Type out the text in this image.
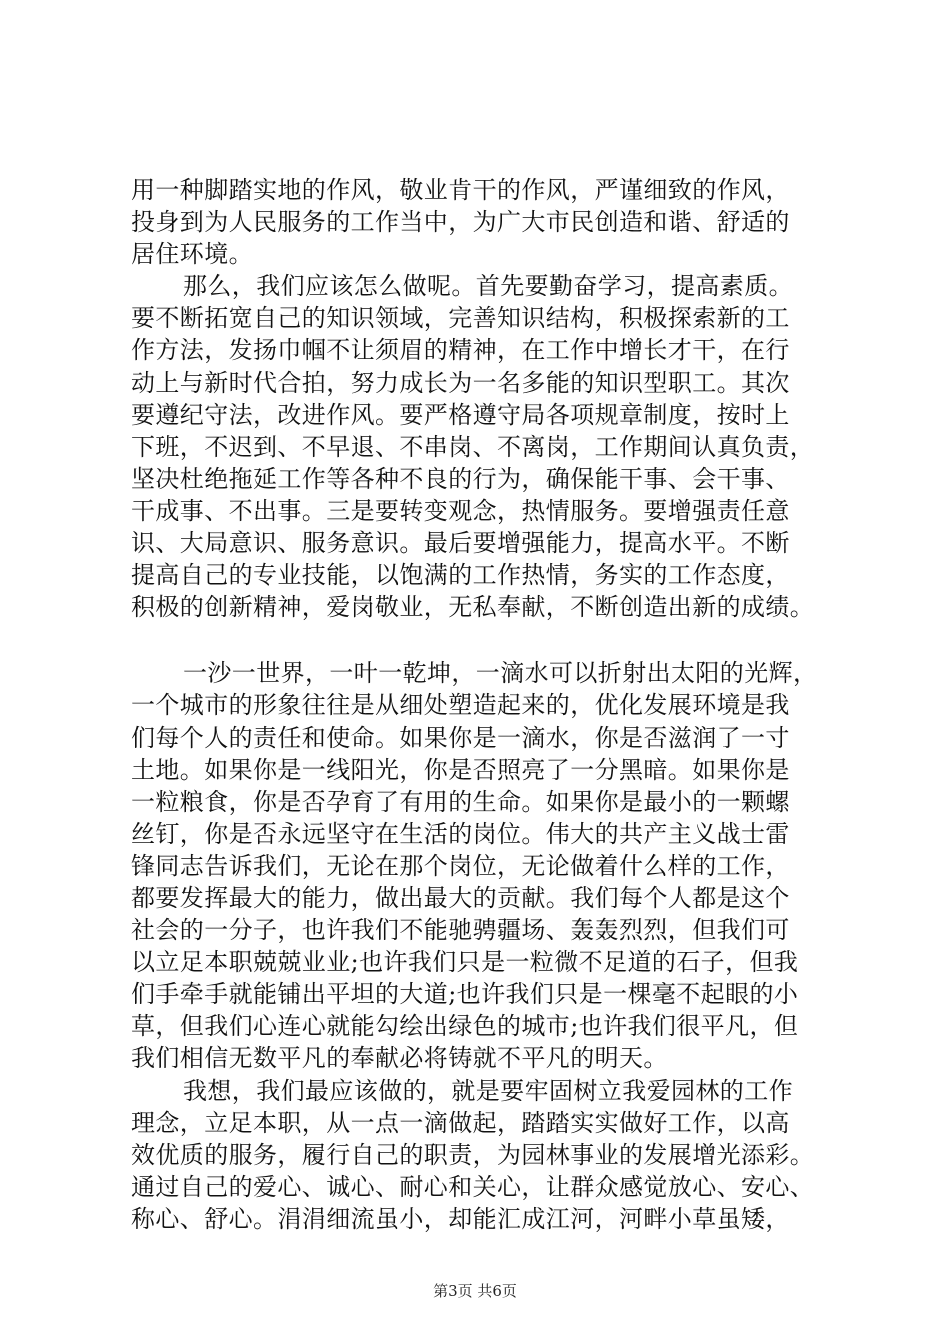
用一种脚踏实地的作风，敬业肯干的作风，严谨细致的作风，
投身到为人民服务的工作当中，为广大市民创造和谐、舒适的
居住环境。
那么，我们应该怎么做呢。首先要勤奋学习，提高素质。
要不断拓宽自己的知识领域，完善知识结构，积极探索新的工
作方法，发扬巾帼不让须眉的精神，在工作中增长才干，在行
动上与新时代合拍，努力成长为一名多能的知识型职工。其次
要遵纪守法，改进作风。要严格遵守局各项规章制度，按时上
下班，不迟到、不早退、不串岗、不离岗，工作期间认真负责，
坚决杜绝拖延工作等各种不良的行为，确保能干事、会干事、
干成事、不出事。三是要转变观念，热情服务。要增强责任意
识、大局意识、服务意识。最后要增强能力，提高水平。不断
提高自己的专业技能，以饱满的工作热情，务实的工作态度，
积极的创新精神，爱岗敬业，无私奉献，不断创造出新的成绩。
一沙一世界，一叶一乾坤，一滴水可以折射出太阳的光辉，
一个城市的形象往往是从细处塑造起来的，优化发展环境是我
们每个人的责任和使命。如果你是一滴水，你是否滋润了一寸
土地。如果你是一线阳光，你是否照亮了一分黑暗。如果你是
一粒粮食，你是否孕育了有用的生命。如果你是最小的一颗螺
丝钉，你是否永远坚守在生活的岗位。伟大的共产主义战士雷
锋同志告诉我们，无论在那个岗位，无论做着什么样的工作，
都要发挥最大的能力，做出最大的贡献。我们每个人都是这个
社会的一分子，也许我们不能驰骋疆场、轰轰烈烈，但我们可
以立足本职兢兢业业;也许我们只是一粒微不足道的石子，但我
们手牵手就能铺出平坦的大道;也许我们只是一棵毫不起眼的小
草，但我们心连心就能勾绘出绿色的城市;也许我们很平凡，但
我们相信无数平凡的奉献必将铸就不平凡的明天。
我想，我们最应该做的，就是要牢固树立我爱园林的工作
理念，立足本职，从一点一滴做起，踏踏实实做好工作，以高
效优质的服务，履行自己的职责，为园林事业的发展增光添彩。
通过自己的爱心、诚心、耐心和关心，让群众感觉放心、安心、
称心、舒心。涓涓细流虽小，却能汇成江河，河畔小草虽矮，
第3页 共6页
